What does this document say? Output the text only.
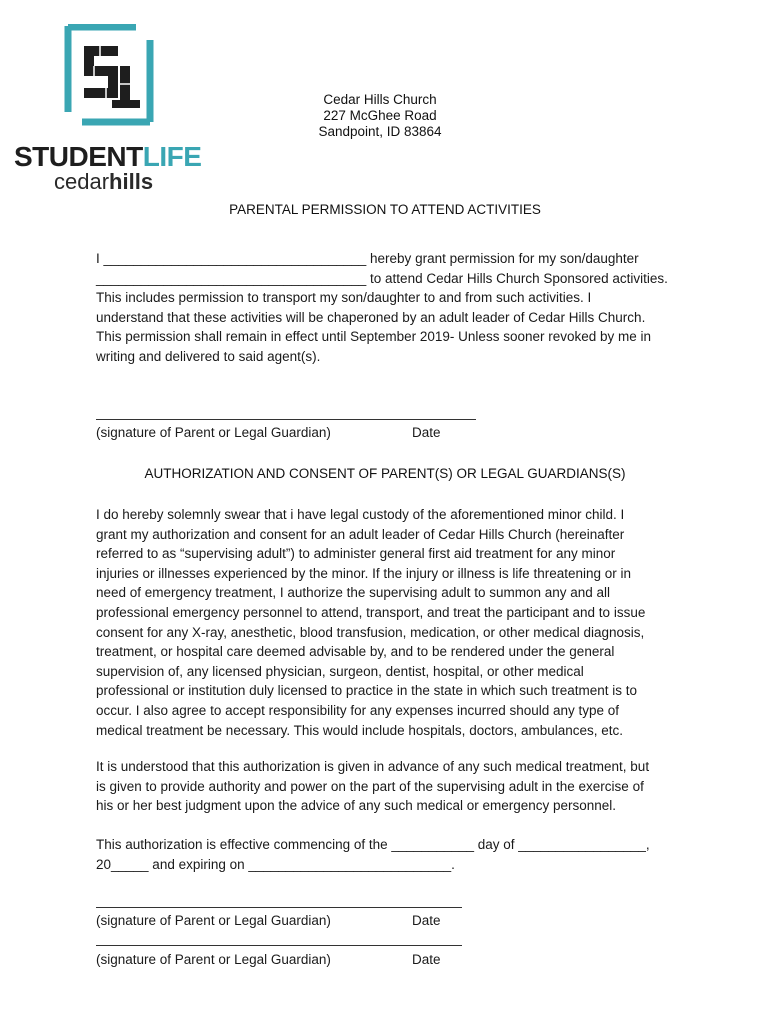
STUDENTLIFE
cedarhills
Cedar Hills Church
227 McGhee Road
Sandpoint, ID 83864
PARENTAL PERMISSION TO ATTEND ACTIVITIES
I ___________________________________ hereby grant permission for my son/daughter
____________________________________ to attend Cedar Hills Church Sponsored activities.
This includes permission to transport my son/daughter to and from such activities. I
understand that these activities will be chaperoned by an adult leader of Cedar Hills Church.
This permission shall remain in effect until September 2019- Unless sooner revoked by me in
writing and delivered to said agent(s).
(signature of Parent or Legal Guardian)	Date
AUTHORIZATION AND CONSENT OF PARENT(S) OR LEGAL GUARDIANS(S)
I do hereby solemnly swear that i have legal custody of the aforementioned minor child. I
grant my authorization and consent for an adult leader of Cedar Hills Church (hereinafter
referred to as “supervising adult”) to administer general first aid treatment for any minor
injuries or illnesses experienced by the minor. If the injury or illness is life threatening or in
need of emergency treatment, I authorize the supervising adult to summon any and all
professional emergency personnel to attend, transport, and treat the participant and to issue
consent for any X-ray, anesthetic, blood transfusion, medication, or other medical diagnosis,
treatment, or hospital care deemed advisable by, and to be rendered under the general
supervision of, any licensed physician, surgeon, dentist, hospital, or other medical
professional or institution duly licensed to practice in the state in which such treatment is to
occur. I also agree to accept responsibility for any expenses incurred should any type of
medical treatment be necessary. This would include hospitals, doctors, ambulances, etc.
It is understood that this authorization is given in advance of any such medical treatment, but
is given to provide authority and power on the part of the supervising adult in the exercise of
his or her best judgment upon the advice of any such medical or emergency personnel.
This authorization is effective commencing of the ___________ day of _________________,
20_____ and expiring on ___________________________.
(signature of Parent or Legal Guardian)	Date
(signature of Parent or Legal Guardian)	Date
